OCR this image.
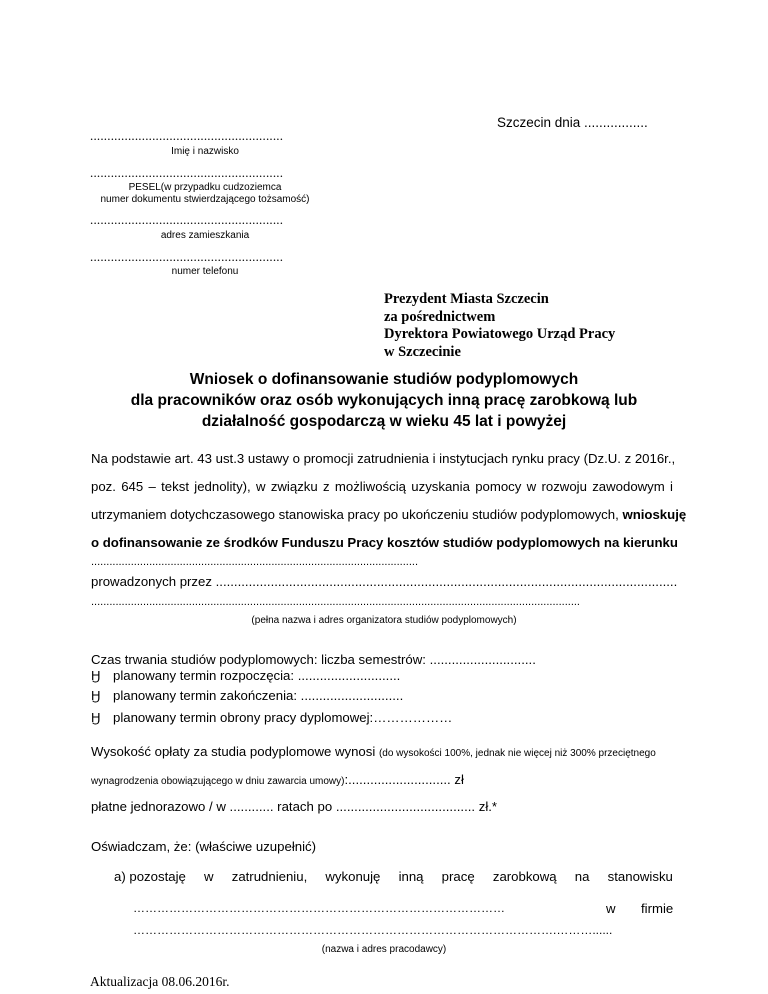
Szczecin dnia .................
........................................................
Imię i nazwisko
........................................................
PESEL(w przypadku cudzoziemca
numer dokumentu stwierdzającego tożsamość)
........................................................
adres zamieszkania
........................................................
numer telefonu
Prezydent Miasta Szczecin
za pośrednictwem
Dyrektora Powiatowego Urząd Pracy
w Szczecinie
Wniosek o dofinansowanie studiów podyplomowych
dla pracowników oraz osób wykonujących inną pracę zarobkową lub
działalność gospodarczą w wieku 45 lat i powyżej
Na podstawie art. 43 ust.3 ustawy o promocji zatrudnienia i instytucjach rynku pracy (Dz.U. z 2016r.,
poz. 645 – tekst jednolity), w związku z możliwością uzyskania pomocy w rozwoju zawodowym i
utrzymaniem dotychczasowego stanowiska pracy po ukończeniu studiów podyplomowych, wnioskuję
o dofinansowanie ze środków Funduszu Pracy kosztów studiów podyplomowych na kierunku
...........................................................................................................
prowadzonych przez ..............................................................................................................................
................................................................................................................................................................
(pełna nazwa i adres organizatora studiów podyplomowych)
Czas trwania studiów podyplomowych: liczba semestrów: .............................
Ӈ planowany termin rozpoczęcia: ............................
Ӈ planowany termin zakończenia: ............................
Ӈ planowany termin obrony pracy dyplomowej:………………
Wysokość opłaty za studia podyplomowe wynosi (do wysokości 100%, jednak nie więcej niż 300% przeciętnego
wynagrodzenia obowiązującego w dniu zawarcia umowy):............................ zł
płatne jednorazowo / w ............ ratach po ...................................... zł.*
Oświadczam, że: (właściwe uzupełnić)
a) pozostaję w zatrudnieniu, wykonuję inną pracę zarobkową na stanowisku
…………………………………………………………………………………	w firmie
…………………………………………………………………………………………….………......
(nazwa i adres pracodawcy)
Aktualizacja 08.06.2016r.
